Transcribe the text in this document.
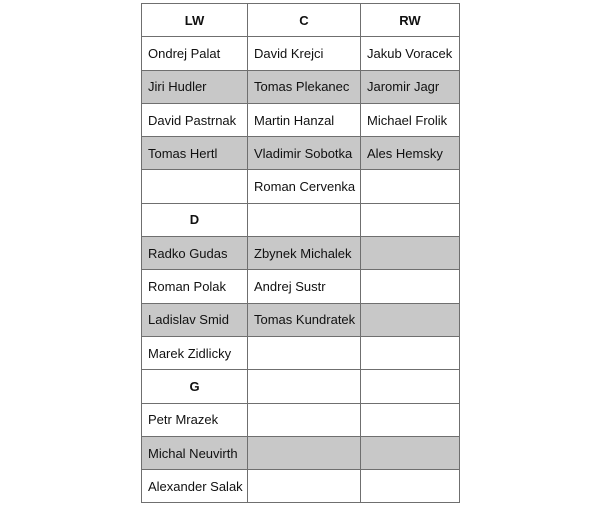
LW	C	RW
Ondrej Palat	David Krejci	Jakub Voracek
Jiri Hudler	Tomas Plekanec	Jaromir Jagr
David Pastrnak	Martin Hanzal	Michael Frolik
Tomas Hertl	Vladimir Sobotka	Ales Hemsky
	Roman Cervenka	
D		
Radko Gudas	Zbynek Michalek	
Roman Polak	Andrej Sustr	
Ladislav Smid	Tomas Kundratek	
Marek Zidlicky		
G		
Petr Mrazek		
Michal Neuvirth		
Alexander Salak		
